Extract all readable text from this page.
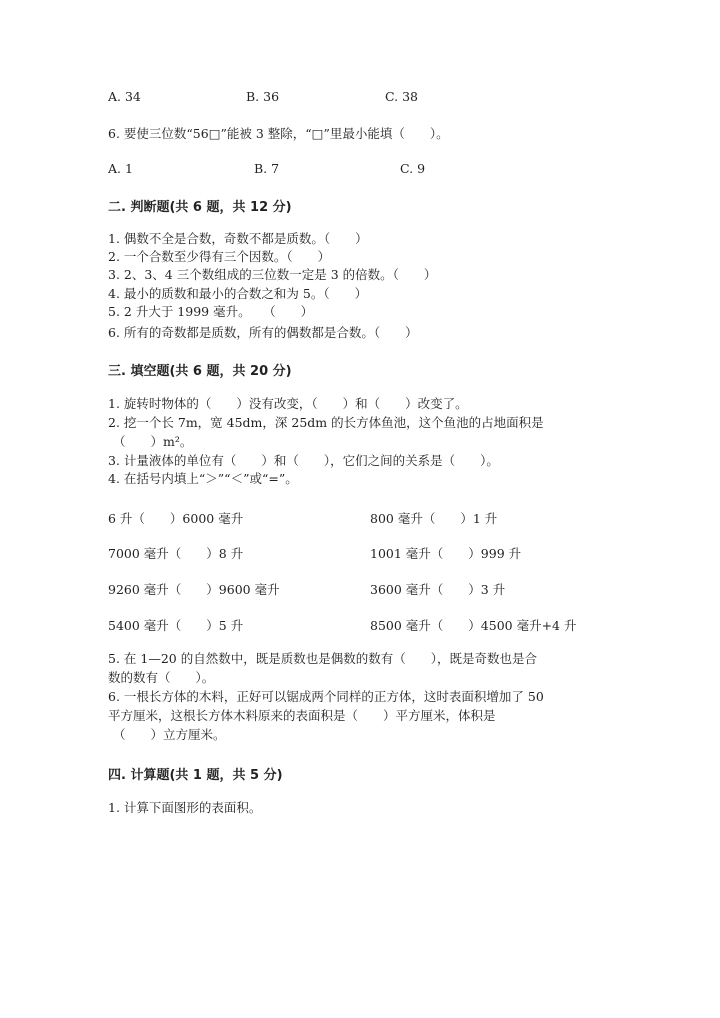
A. 34	B. 36	C. 38
6. 要使三位数“56□”能被 3 整除，“□”里最小能填（　　）。
A. 1	B. 7	C. 9
二. 判断题(共 6 题，共 12 分)
1. 偶数不全是合数，奇数不都是质数。（　　）
2. 一个合数至少得有三个因数。（　　）
3. 2、3、4 三个数组成的三位数一定是 3 的倍数。（　　）
4. 最小的质数和最小的合数之和为 5。（　　）
5. 2 升大于 1999 毫升。　　（　　）
6. 所有的奇数都是质数，所有的偶数都是合数。（　　）
三. 填空题(共 6 题，共 20 分)
1. 旋转时物体的（　　）没有改变，（　　）和（　　）改变了。
2. 挖一个长 7m，宽 45dm，深 25dm 的长方体鱼池，这个鱼池的占地面积是
（　　）m²。
3. 计量液体的单位有（　　）和（　　），它们之间的关系是（　　）。
4. 在括号内填上“＞”“＜”或“=”。
6 升（　　）6000 毫升	800 毫升（　　）1 升
7000 毫升（　　）8 升	1001 毫升（　　）999 升
9260 毫升（　　）9600 毫升	3600 毫升（　　）3 升
5400 毫升（　　）5 升	8500 毫升（　　）4500 毫升+4 升
5. 在 1—20 的自然数中，既是质数也是偶数的数有（　　），既是奇数也是合
数的数有（　　）。
6. 一根长方体的木料，正好可以锯成两个同样的正方体，这时表面积增加了 50
平方厘米，这根长方体木料原来的表面积是（　　）平方厘米，体积是
（　　）立方厘米。
四. 计算题(共 1 题，共 5 分)
1. 计算下面图形的表面积。
